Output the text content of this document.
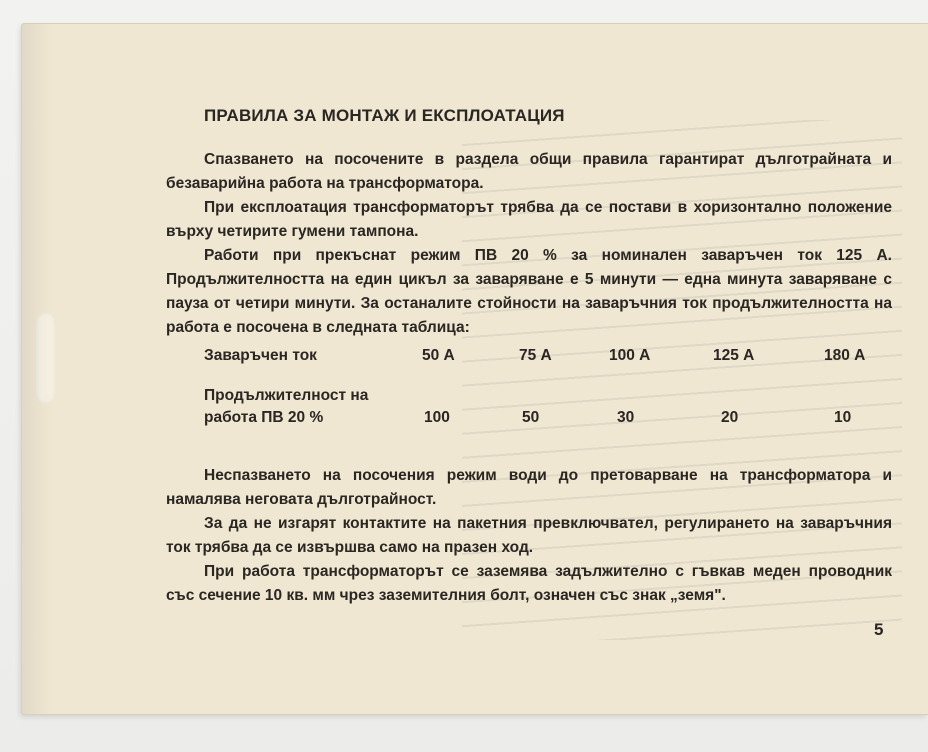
ПРАВИЛА ЗА МОНТАЖ И ЕКСПЛОАТАЦИЯ
Спазването на посочените в раздела общи правила гарантират дълготрайната и безаварийна работа на трансформатора.
При експлоатация трансформаторът трябва да се постави в хоризонтално положение върху четирите гумени тампона.
Работи при прекъснат режим ПВ 20 % за номинален заваръчен ток 125 А. Продължителността на един цикъл за заваряване е 5 минути — една минута заваряване с пауза от четири минути. За останалите стойности на заваръчния ток продължителността на работа е посочена в следната таблица:
Заваръчен ток	50 А	75 А	100 А	125 А	180 А
Продължителност на
работа ПВ 20 %	100	50	30	20	10
Неспазването на посочения режим води до претоварване на трансформатора и намалява неговата дълготрайност.
За да не изгарят контактите на пакетния превключвател, регулирането на заваръчния ток трябва да се извършва само на празен ход.
При работа трансформаторът се заземява задължително с гъвкав меден проводник със сечение 10 кв. мм чрез заземителния болт, означен със знак „земя".
5
